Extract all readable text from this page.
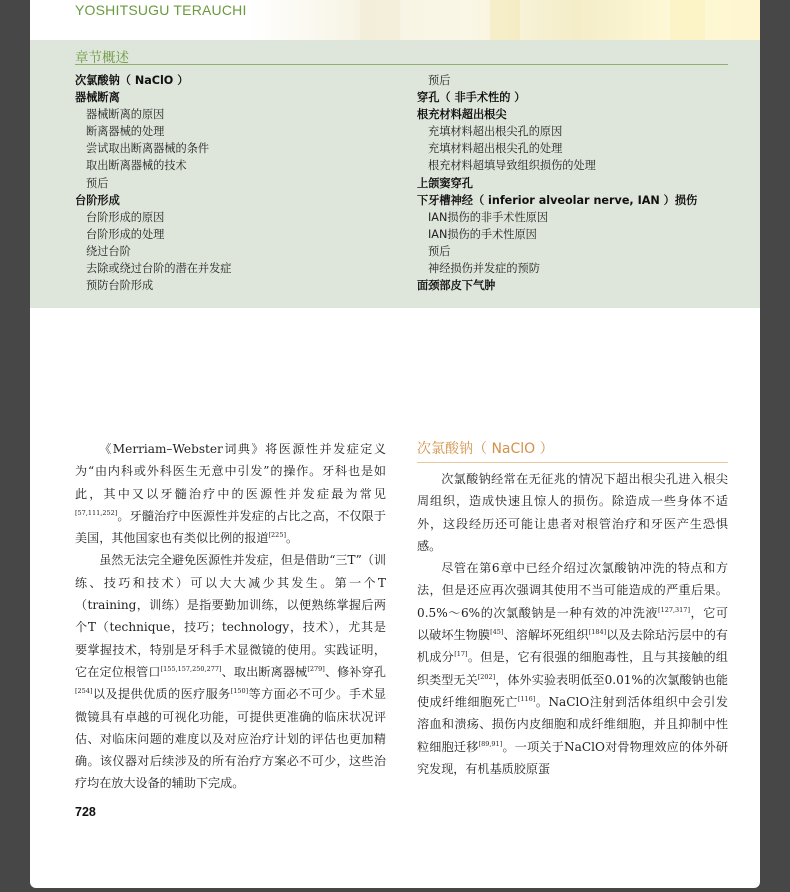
YOSHITSUGU TERAUCHI
章节概述
次氯酸钠（ NaClO ）
器械断离
器械断离的原因
断离器械的处理
尝试取出断离器械的条件
取出断离器械的技术
预后
台阶形成
台阶形成的原因
台阶形成的处理
绕过台阶
去除或绕过台阶的潜在并发症
预防台阶形成
预后
穿孔（ 非手术性的 ）
根充材料超出根尖
充填材料超出根尖孔的原因
充填材料超出根尖孔的处理
根充材料超填导致组织损伤的处理
上颌窦穿孔
下牙槽神经（ inferior alveolar nerve, IAN ）损伤
IAN损伤的非手术性原因
IAN损伤的手术性原因
预后
神经损伤并发症的预防
面颈部皮下气肿

《Merriam–Webster词典》将医源性并发症定义为“由内科或外科医生无意中引发”的操作。牙科也是如此，其中又以牙髓治疗中的医源性并发症最为常见[57,111,252]。牙髓治疗中医源性并发症的占比之高，不仅限于美国，其他国家也有类似比例的报道[225]。

虽然无法完全避免医源性并发症，但是借助“三T”（训练、技巧和技术）可以大大减少其发生。第一个T（training，训练）是指要勤加训练，以便熟练掌握后两个T（technique，技巧；technology，技术），尤其是要掌握技术，特别是牙科手术显微镜的使用。实践证明，它在定位根管口[155,157,250,277]、取出断离器械[279]、修补穿孔[254]以及提供优质的医疗服务[150]等方面必不可少。手术显微镜具有卓越的可视化功能，可提供更准确的临床状况评估、对临床问题的难度以及对应治疗计划的评估也更加精确。该仪器对后续涉及的所有治疗方案必不可少，这些治疗均在放大设备的辅助下完成。

次氯酸钠（ NaClO ）

次氯酸钠经常在无征兆的情况下超出根尖孔进入根尖周组织，造成快速且惊人的损伤。除造成一些身体不适外，这段经历还可能让患者对根管治疗和牙医产生恐惧感。

尽管在第6章中已经介绍过次氯酸钠冲洗的特点和方法，但是还应再次强调其使用不当可能造成的严重后果。0.5%～6%的次氯酸钠是一种有效的冲洗液[127,317]，它可以破坏生物膜[45]、溶解坏死组织[184]以及去除玷污层中的有机成分[17]。但是，它有很强的细胞毒性，且与其接触的组织类型无关[202]，体外实验表明低至0.01%的次氯酸钠也能使成纤维细胞死亡[116]。NaClO注射到活体组织中会引发溶血和溃疡、损伤内皮细胞和成纤维细胞，并且抑制中性粒细胞迁移[89,91]。一项关于NaClO对骨物理效应的体外研究发现，有机基质胶原蛋

728
